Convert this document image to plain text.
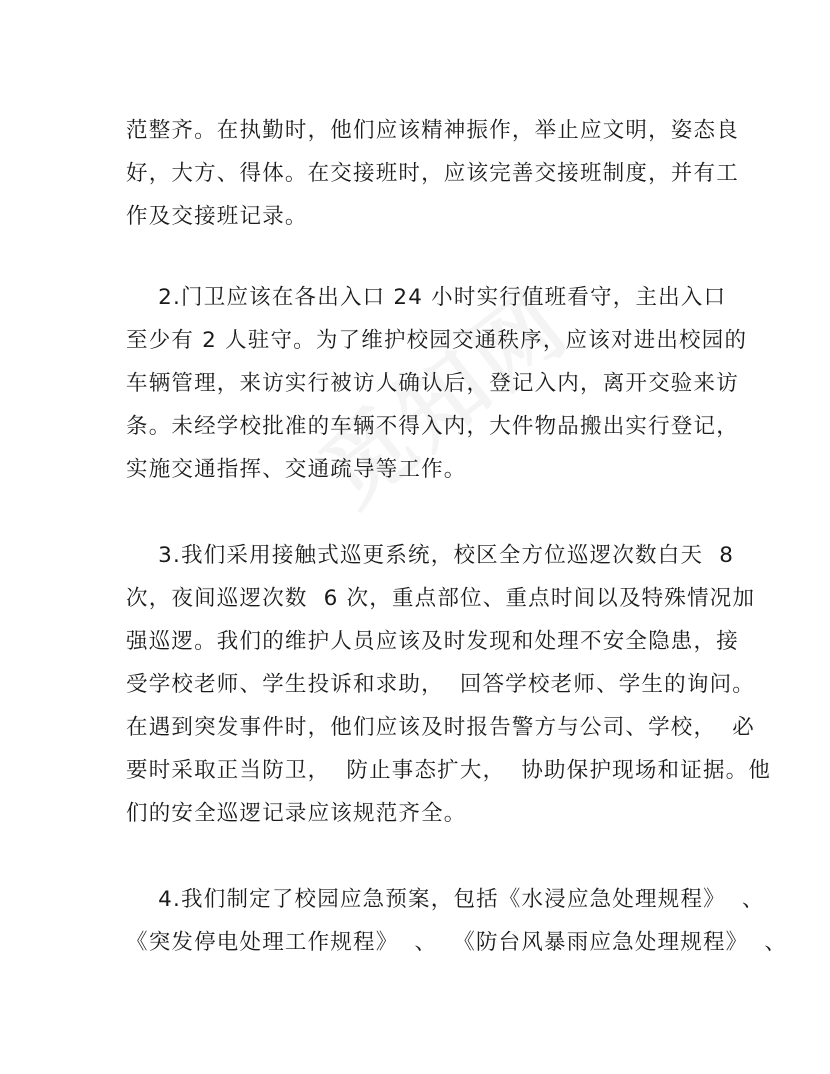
范整齐。在执勤时，他们应该精神振作，举止应文明，姿态良
好，大方、得体。在交接班时，应该完善交接班制度，并有工
作及交接班记录。
2.门卫应该在各出入口 24 小时实行值班看守，主出入口
至少有 2 人驻守。为了维护校园交通秩序，应该对进出校园的
车辆管理，来访实行被访人确认后，登记入内，离开交验来访
条。未经学校批准的车辆不得入内，大件物品搬出实行登记，
实施交通指挥、交通疏导等工作。
3.我们采用接触式巡更系统，校区全方位巡逻次数白天  8
次，夜间巡逻次数  6 次，重点部位、重点时间以及特殊情况加
强巡逻。我们的维护人员应该及时发现和处理不安全隐患，接
受学校老师、学生投诉和求助，  回答学校老师、学生的询问。
在遇到突发事件时，他们应该及时报告警方与公司、学校，  必
要时采取正当防卫，  防止事态扩大，  协助保护现场和证据。他
们的安全巡逻记录应该规范齐全。
4.我们制定了校园应急预案，包括《水浸应急处理规程》  、
《突发停电处理工作规程》  、  《防台风暴雨应急处理规程》  、
